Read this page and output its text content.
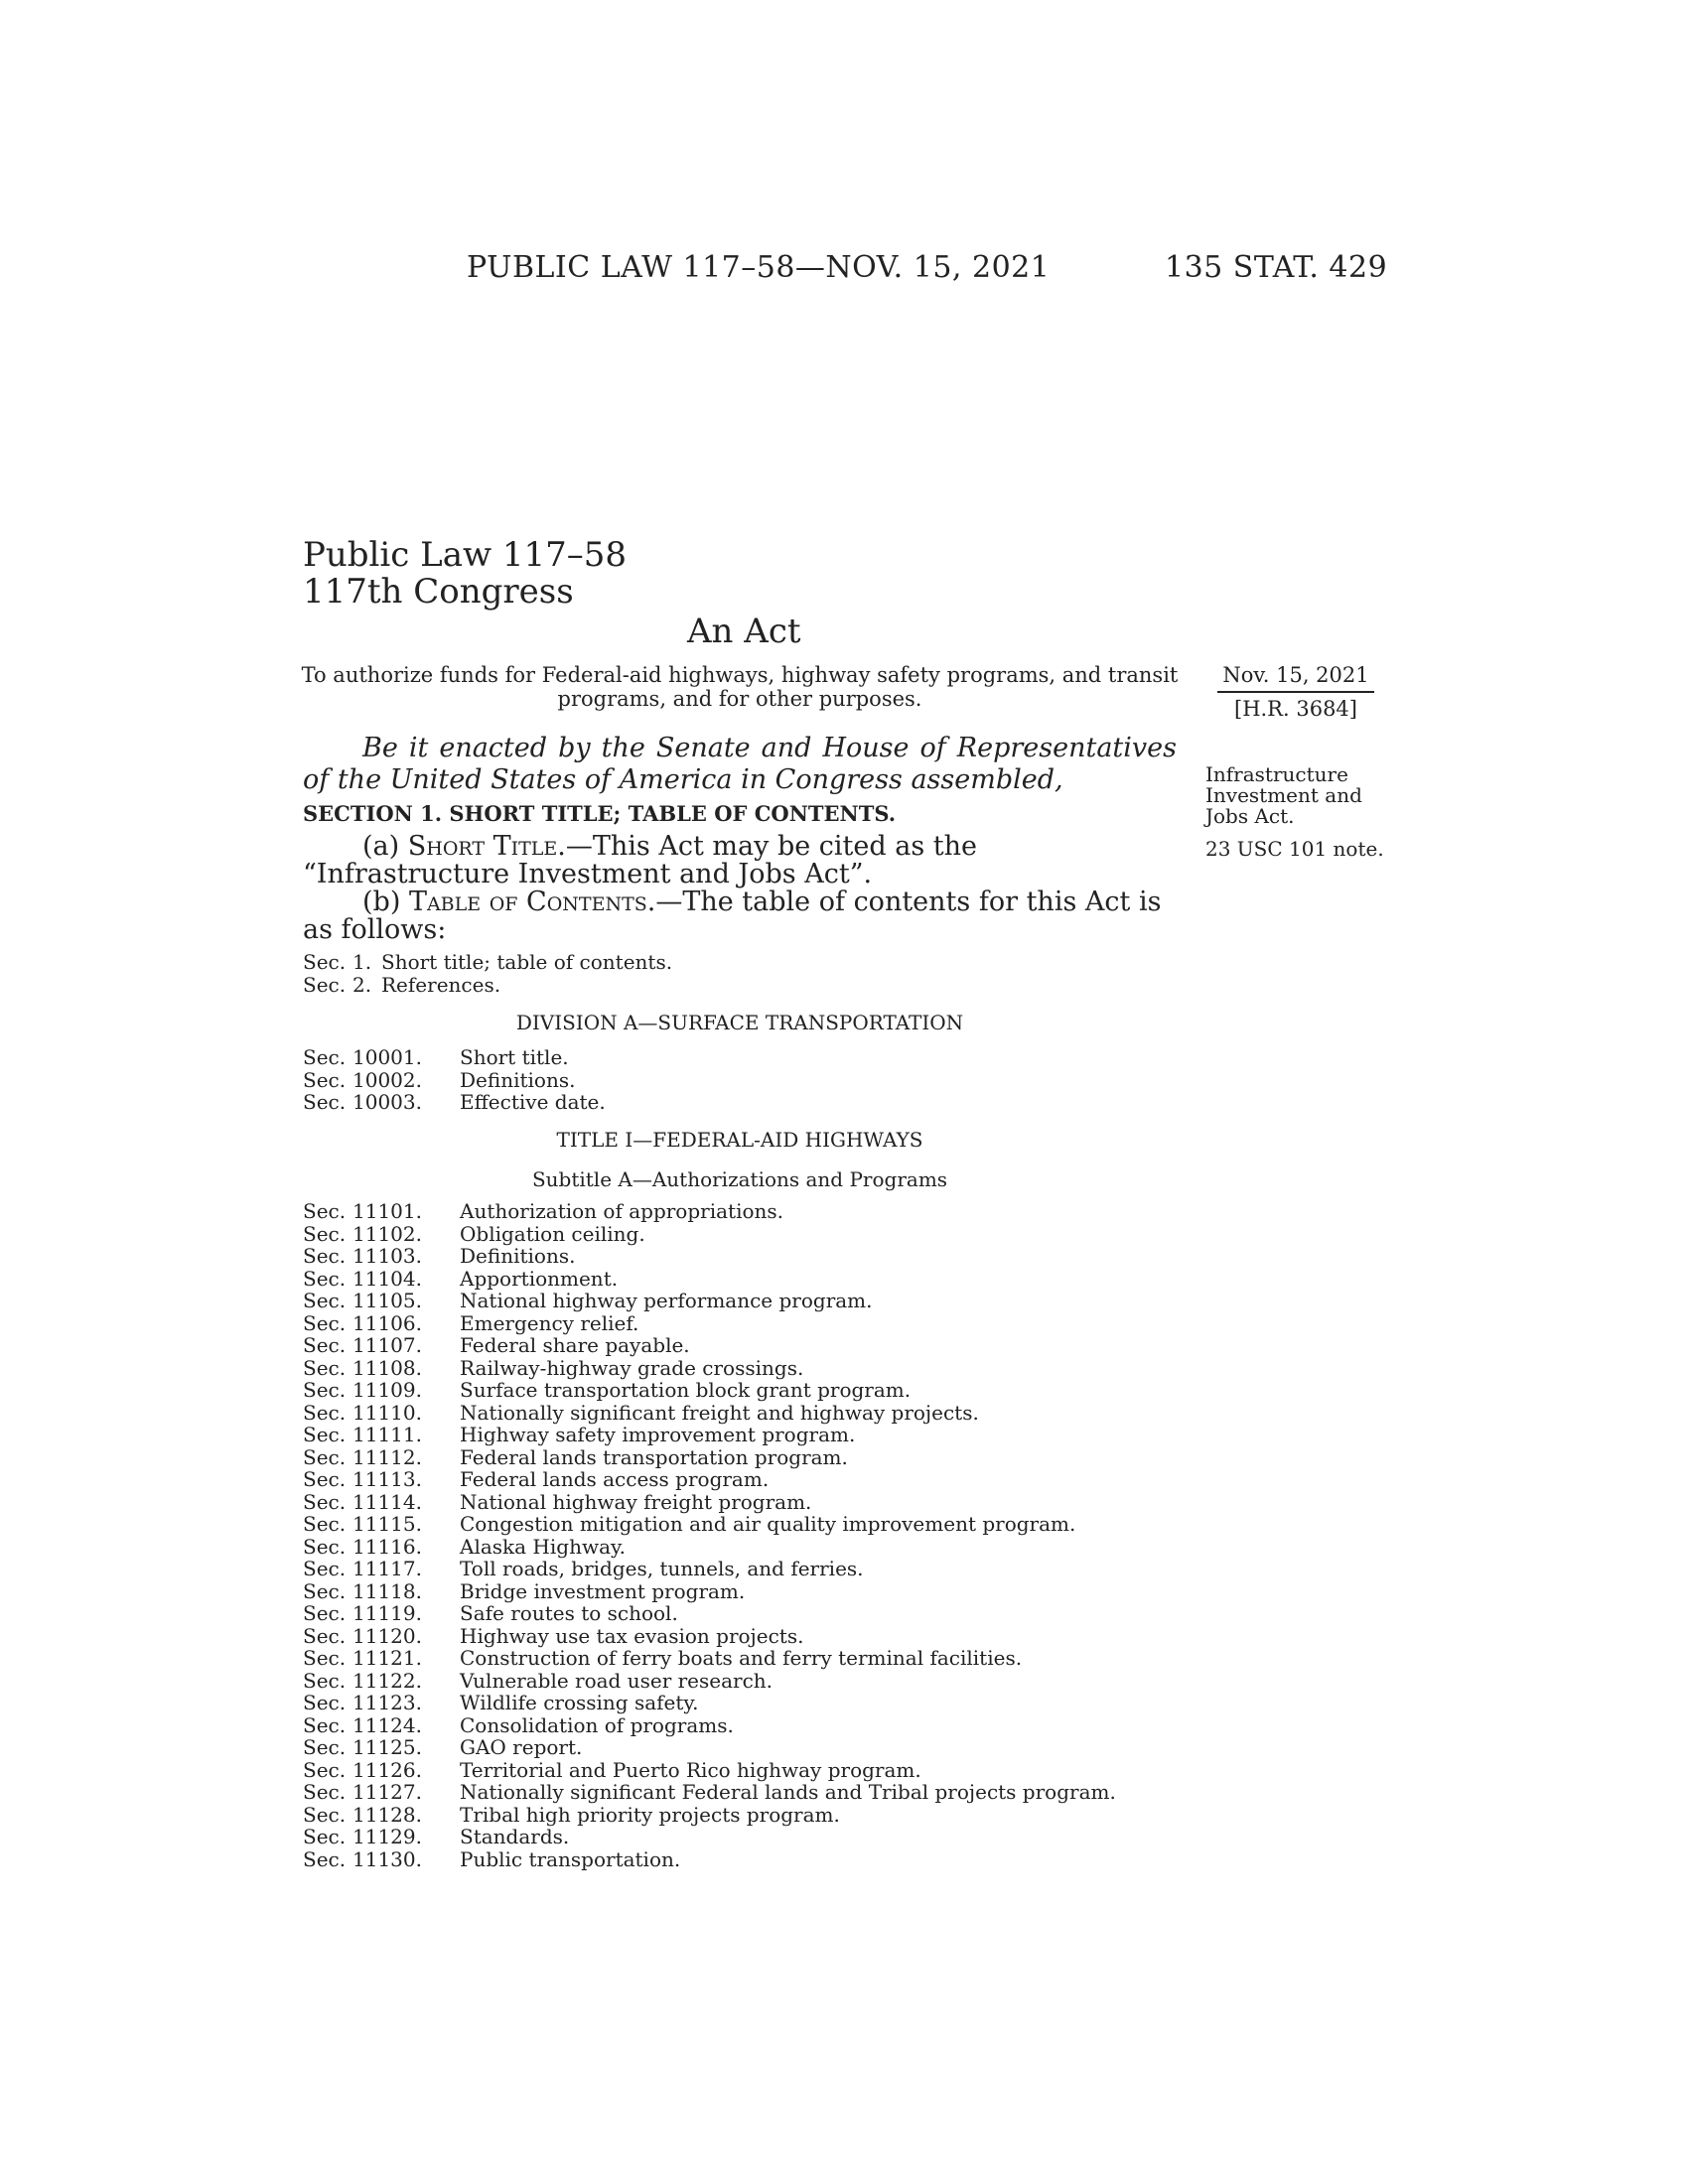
PUBLIC LAW 117–58—NOV. 15, 2021	135 STAT. 429
Public Law 117–58
117th Congress
An Act
To authorize funds for Federal-aid highways, highway safety programs, and transit programs, and for other purposes.
Nov. 15, 2021
[H.R. 3684]
Be it enacted by the Senate and House of Representatives of the United States of America in Congress assembled,	Infrastructure
Investment and
Jobs Act.
23 USC 101 note.
SECTION 1. SHORT TITLE; TABLE OF CONTENTS.
(a) Short Title.—This Act may be cited as the “Infrastructure Investment and Jobs Act”.
(b) Table of Contents.—The table of contents for this Act is as follows:
Sec. 1. Short title; table of contents.
Sec. 2. References.
DIVISION A—SURFACE TRANSPORTATION
Sec. 10001.	Short title.
Sec. 10002.	Definitions.
Sec. 10003.	Effective date.
TITLE I—FEDERAL-AID HIGHWAYS
Subtitle A—Authorizations and Programs
Sec. 11101.	Authorization of appropriations.
Sec. 11102.	Obligation ceiling.
Sec. 11103.	Definitions.
Sec. 11104.	Apportionment.
Sec. 11105.	National highway performance program.
Sec. 11106.	Emergency relief.
Sec. 11107.	Federal share payable.
Sec. 11108.	Railway-highway grade crossings.
Sec. 11109.	Surface transportation block grant program.
Sec. 11110.	Nationally significant freight and highway projects.
Sec. 11111.	Highway safety improvement program.
Sec. 11112.	Federal lands transportation program.
Sec. 11113.	Federal lands access program.
Sec. 11114.	National highway freight program.
Sec. 11115.	Congestion mitigation and air quality improvement program.
Sec. 11116.	Alaska Highway.
Sec. 11117.	Toll roads, bridges, tunnels, and ferries.
Sec. 11118.	Bridge investment program.
Sec. 11119.	Safe routes to school.
Sec. 11120.	Highway use tax evasion projects.
Sec. 11121.	Construction of ferry boats and ferry terminal facilities.
Sec. 11122.	Vulnerable road user research.
Sec. 11123.	Wildlife crossing safety.
Sec. 11124.	Consolidation of programs.
Sec. 11125.	GAO report.
Sec. 11126.	Territorial and Puerto Rico highway program.
Sec. 11127.	Nationally significant Federal lands and Tribal projects program.
Sec. 11128.	Tribal high priority projects program.
Sec. 11129.	Standards.
Sec. 11130.	Public transportation.
